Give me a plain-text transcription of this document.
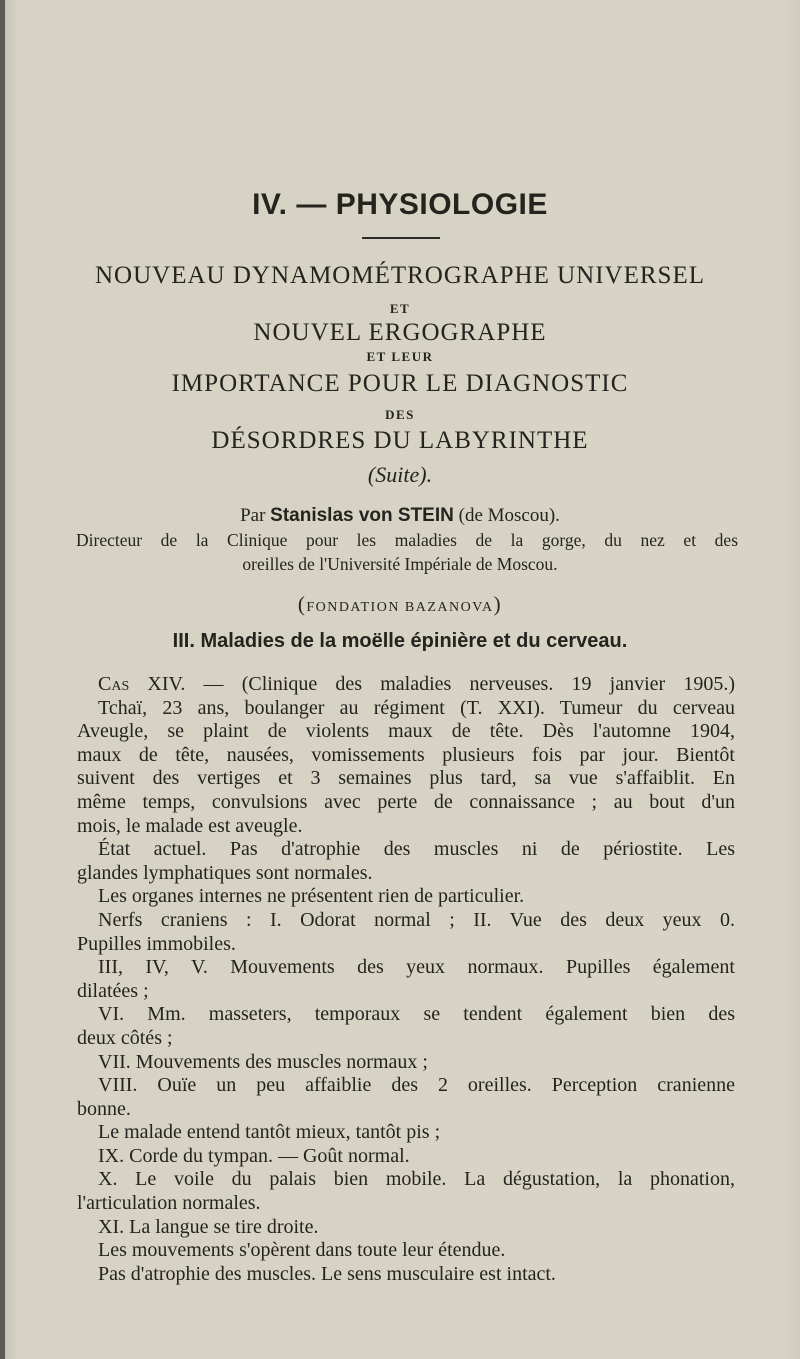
IV. — PHYSIOLOGIE
NOUVEAU DYNAMOMÉTROGRAPHE UNIVERSEL
ET
NOUVEL ERGOGRAPHE
ET LEUR
IMPORTANCE POUR LE DIAGNOSTIC
DES
DÉSORDRES DU LABYRINTHE
(Suite).
Par Stanislas von STEIN (de Moscou).
Directeur de la Clinique pour les maladies de la gorge, du nez et des
oreilles de l'Université Impériale de Moscou.
(FONDATION BAZANOVA)
III. Maladies de la moëlle épinière et du cerveau.
Cas XIV. — (Clinique des maladies nerveuses. 19 janvier 1905.)
Tchaï, 23 ans, boulanger au régiment (T. XXI). Tumeur du cerveau
Aveugle, se plaint de violents maux de tête. Dès l'automne 1904,
maux de tête, nausées, vomissements plusieurs fois par jour. Bientôt
suivent des vertiges et 3 semaines plus tard, sa vue s'affaiblit. En
même temps, convulsions avec perte de connaissance ; au bout d'un
mois, le malade est aveugle.
État actuel. Pas d'atrophie des muscles ni de périostite. Les
glandes lymphatiques sont normales.
Les organes internes ne présentent rien de particulier.
Nerfs craniens : I. Odorat normal ; II. Vue des deux yeux 0.
Pupilles immobiles.
III, IV, V. Mouvements des yeux normaux. Pupilles également
dilatées ;
VI. Mm. masseters, temporaux se tendent également bien des
deux côtés ;
VII. Mouvements des muscles normaux ;
VIII. Ouïe un peu affaiblie des 2 oreilles. Perception cranienne
bonne.
Le malade entend tantôt mieux, tantôt pis ;
IX. Corde du tympan. — Goût normal.
X. Le voile du palais bien mobile. La dégustation, la phonation,
l'articulation normales.
XI. La langue se tire droite.
Les mouvements s'opèrent dans toute leur étendue.
Pas d'atrophie des muscles. Le sens musculaire est intact.
